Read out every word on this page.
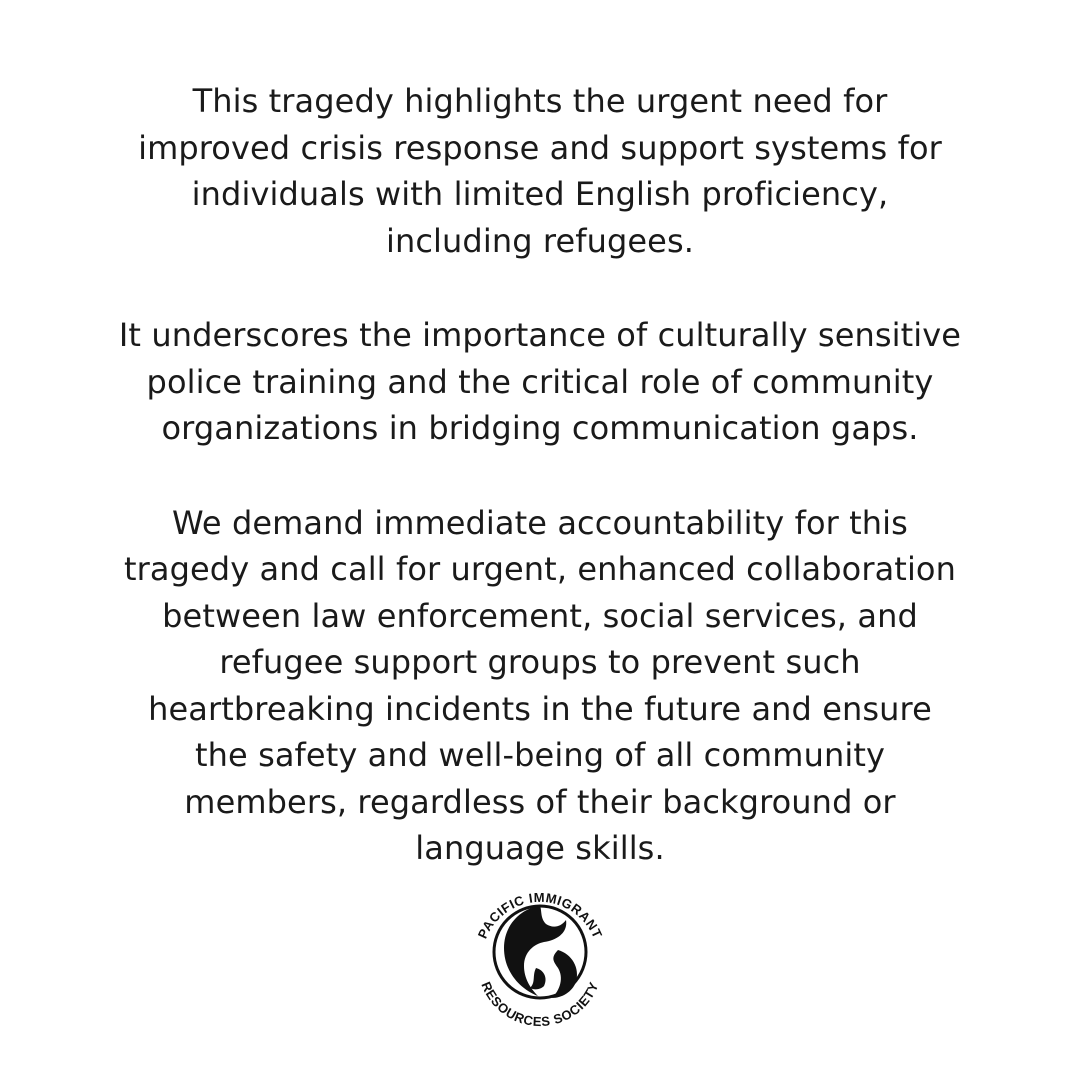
This tragedy highlights the urgent need for
improved crisis response and support systems for
individuals with limited English proficiency,
including refugees.

It underscores the importance of culturally sensitive
police training and the critical role of community
organizations in bridging communication gaps.

We demand immediate accountability for this
tragedy and call for urgent, enhanced collaboration
between law enforcement, social services, and
refugee support groups to prevent such
heartbreaking incidents in the future and ensure
the safety and well-being of all community
members, regardless of their background or
language skills.

PACIFIC IMMIGRANT
RESOURCES SOCIETY
